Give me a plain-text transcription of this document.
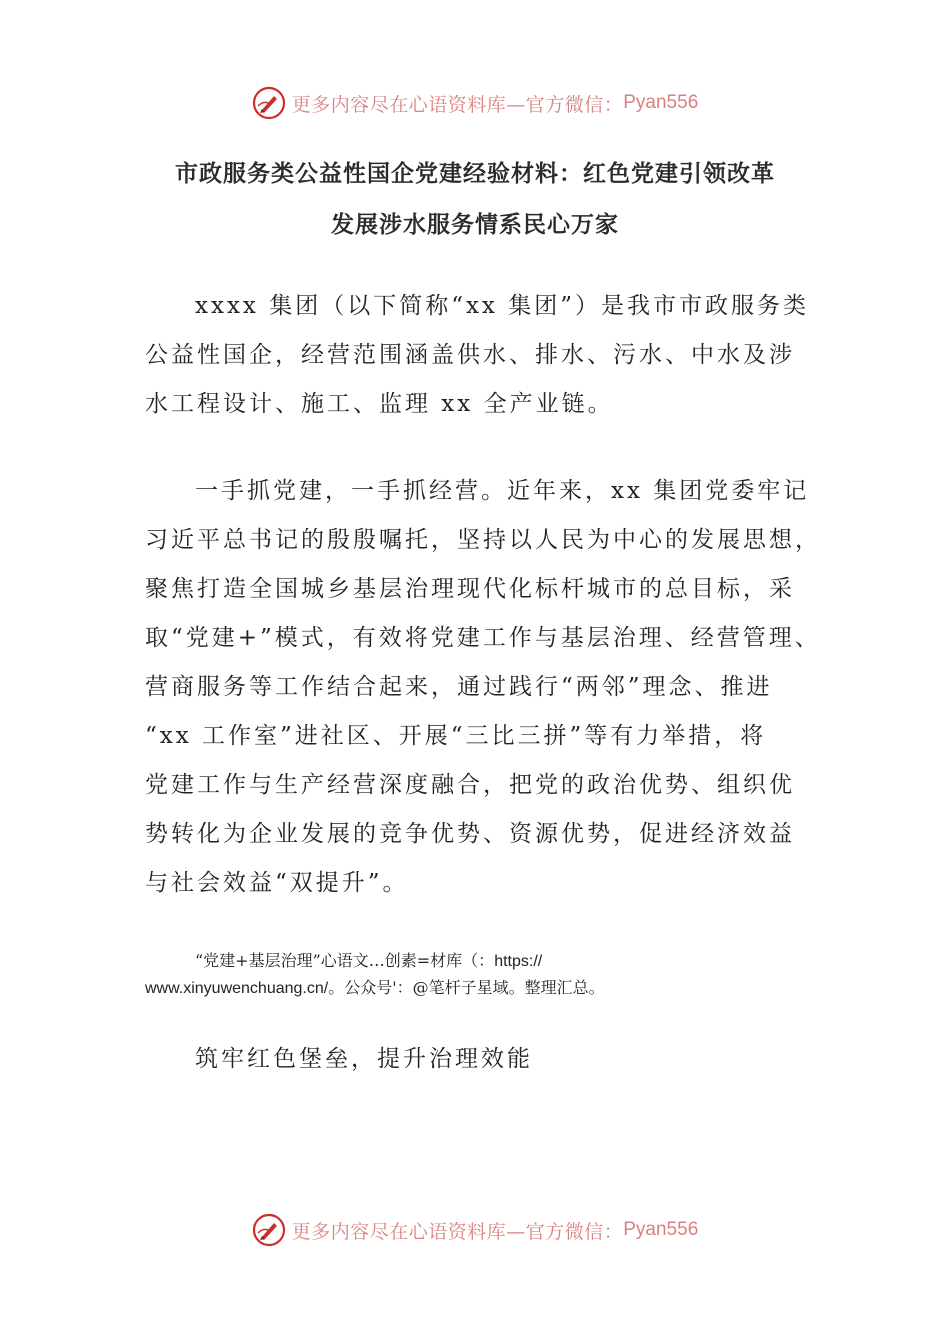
更多内容尽在心语资料库—官方微信： Pyan556
市政服务类公益性国企党建经验材料：红色党建引领改革
发展涉水服务情系民心万家

xxxx 集团（以下简称“xx 集团”）是我市市政服务类
公益性国企，经营范围涵盖供水、排水、污水、中水及涉
水工程设计、施工、监理 xx 全产业链。

一手抓党建，一手抓经营。近年来，xx 集团党委牢记
习近平总书记的殷殷嘱托，坚持以人民为中心的发展思想，
聚焦打造全国城乡基层治理现代化标杆城市的总目标，采
取“党建+”模式，有效将党建工作与基层治理、经营管理、
营商服务等工作结合起来，通过践行“两邻”理念、推进
“xx 工作室”进社区、开展“三比三拼”等有力举措，将
党建工作与生产经营深度融合，把党的政治优势、组织优
势转化为企业发展的竞争优势、资源优势，促进经济效益
与社会效益“双提升”。

“党建+基层治理”心语文…创素=材库（：https://
www.xinyuwenchuang.cn/。公众号'：@笔杆子星域。整理汇总。
筑牢红色堡垒，提升治理效能
更多内容尽在心语资料库—官方微信： Pyan556
